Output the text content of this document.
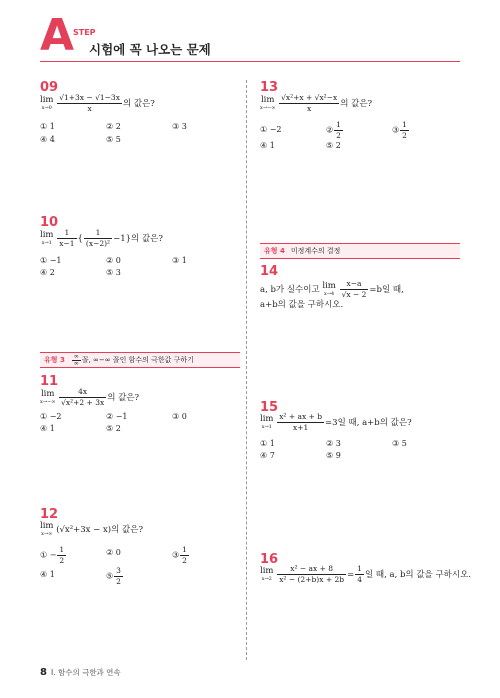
A
STEP
시험에 꼭 나오는 문제
09
lim
x→0
$\frac{√1+3x - √1-3x}{x}$ 의 값은?
① 1	② 2	③ 3
④ 4	⑤ 5
10
lim
x→1
$\frac{1}{x-1}$ { $\frac{1}{\text{(x−2)²}} -1$}의 값은?
① −1	② 0	③ 1
④ 2	⑤ 3
유형 $3 \frac{\infty}{\infty}$ 꼴, ∞−∞ 꼴인 함수의 극한값 구하기
11
lim
x→−∞
$\frac{4x}{\text{√x²+2 + 3x}}$ 의 값은?
① −2	② −1	③ 0
④ 1	⑤ 2
12
lim
x→∞ (√x²+3x − x)의 값은?
① − $\frac{1}{2}$	② 0	③ $\frac{1}{2}$
④ 1	⑤ $\frac{3}{2}$
13
lim
x→−∞
$\frac{\text{√x²+x + √x²−x}}{x}$ 의 값은?
① −2	② $\frac{1}{2}$	③ $\frac{1}{2}$
④ 1	⑤ 2
유형 4 미정계수의 결정
14
a, b가 실수이고 lim
x→4
$\frac{x-a}{√x - 2} =b$일 때,
a+b의 값을 구하시오.
15
lim
x→1
$\frac{\text{x² + ax + b}}{x+1} =3$일 때, a+b의 값은?
① 1	② 3	③ 5
④ 7	⑤ 9
16
lim
x→2
$\frac{\text{x² − ax + 8}}{\text{x² − (2+b)x + 2b}} = \frac{1}{4}$ 일 때, a, b의 값을 구하시오.
8 I. 함수의 극한과 연속
